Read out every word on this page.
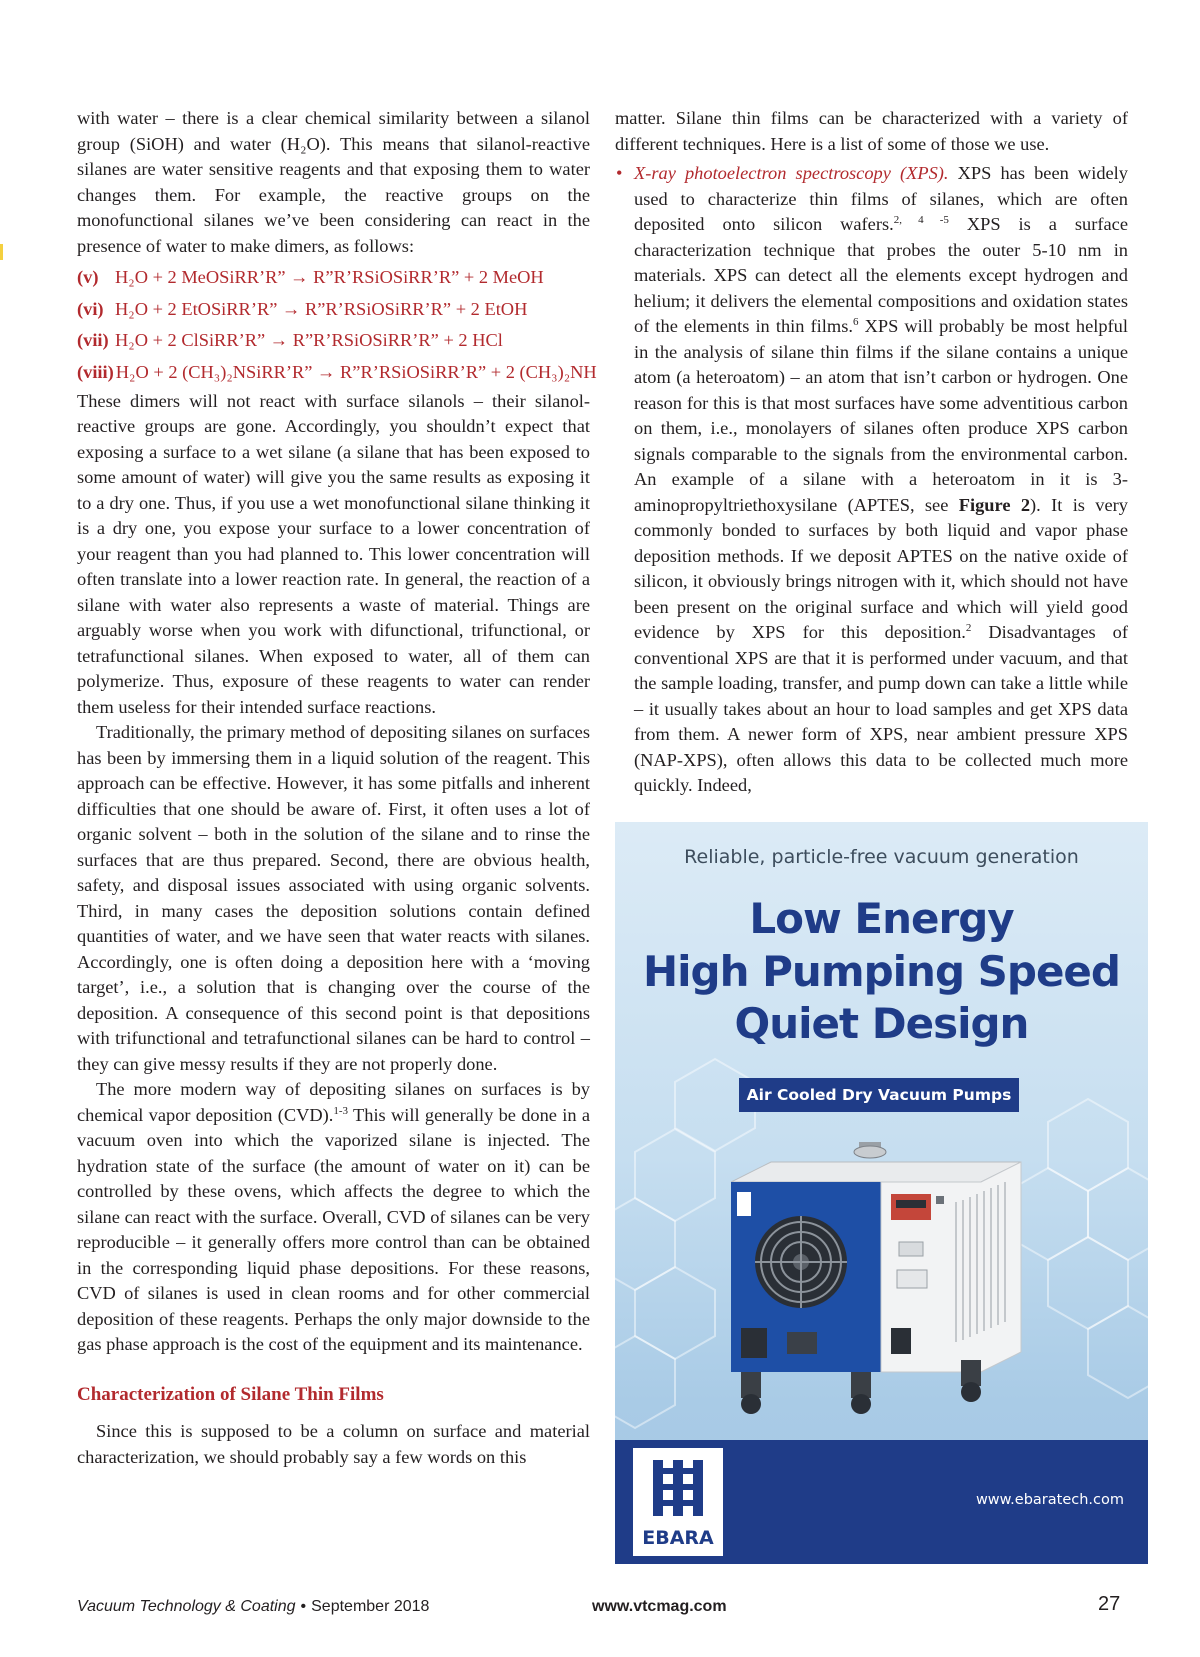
with water – there is a clear chemical similarity between a silanol group (SiOH) and water (H₂O). This means that silanol-reactive silanes are water sensitive reagents and that exposing them to water changes them. For example, the reactive groups on the monofunctional silanes we’ve been considering can react in the presence of water to make dimers, as follows:

(v) H₂O + 2 MeOSiRR’R” → R”R’RSiOSiRR’R” + 2 MeOH
(vi) H₂O + 2 EtOSiRR’R” → R”R’RSiOSiRR’R” + 2 EtOH
(vii) H₂O + 2 ClSiRR’R” → R”R’RSiOSiRR’R” + 2 HCl
(viii) H₂O + 2 (CH₃)₂NSiRR’R” → R”R’RSiOSiRR’R” + 2 (CH₃)₂NH

These dimers will not react with surface silanols – their silanol-reactive groups are gone. Accordingly, you shouldn’t expect that exposing a surface to a wet silane (a silane that has been exposed to some amount of water) will give you the same results as exposing it to a dry one. Thus, if you use a wet monofunctional silane thinking it is a dry one, you expose your surface to a lower concentration of your reagent than you had planned to. This lower concentration will often translate into a lower reaction rate. In general, the reaction of a silane with water also represents a waste of material. Things are arguably worse when you work with difunctional, trifunctional, or tetrafunctional silanes. When exposed to water, all of them can polymerize. Thus, exposure of these reagents to water can render them useless for their intended surface reactions.

Traditionally, the primary method of depositing silanes on surfaces has been by immersing them in a liquid solution of the reagent. This approach can be effective. However, it has some pitfalls and inherent difficulties that one should be aware of. First, it often uses a lot of organic solvent – both in the solution of the silane and to rinse the surfaces that are thus prepared. Second, there are obvious health, safety, and disposal issues associated with using organic solvents. Third, in many cases the deposition solutions contain defined quantities of water, and we have seen that water reacts with silanes. Accordingly, one is often doing a deposition here with a ‘moving target’, i.e., a solution that is changing over the course of the deposition. A consequence of this second point is that depositions with trifunctional and tetrafunctional silanes can be hard to control – they can give messy results if they are not properly done.

The more modern way of depositing silanes on surfaces is by chemical vapor deposition (CVD).$^{1-3}$ This will generally be done in a vacuum oven into which the vaporized silane is injected. The hydration state of the surface (the amount of water on it) can be controlled by these ovens, which affects the degree to which the silane can react with the surface. Overall, CVD of silanes can be very reproducible – it generally offers more control than can be obtained in the corresponding liquid phase depositions. For these reasons, CVD of silanes is used in clean rooms and for other commercial deposition of these reagents. Perhaps the only major downside to the gas phase approach is the cost of the equipment and its maintenance.

Characterization of Silane Thin Films

Since this is supposed to be a column on surface and material characterization, we should probably say a few words on this

matter. Silane thin films can be characterized with a variety of different techniques. Here is a list of some of those we use.

• X-ray photoelectron spectroscopy (XPS). XPS has been widely used to characterize thin films of silanes, which are often deposited onto silicon wafers.$^{2, 4 -5}$ XPS is a surface characterization technique that probes the outer 5-10 nm in materials. XPS can detect all the elements except hydrogen and helium; it delivers the elemental compositions and oxidation states of the elements in thin films.$^6$ XPS will probably be most helpful in the analysis of silane thin films if the silane contains a unique atom (a heteroatom) – an atom that isn’t carbon or hydrogen. One reason for this is that most surfaces have some adventitious carbon on them, i.e., monolayers of silanes often produce XPS carbon signals comparable to the signals from the environmental carbon. An example of a silane with a heteroatom in it is 3-aminopropyltriethoxysilane (APTES, see Figure 2). It is very commonly bonded to surfaces by both liquid and vapor phase deposition methods. If we deposit APTES on the native oxide of silicon, it obviously brings nitrogen with it, which should not have been present on the original surface and which will yield good evidence by XPS for this deposition.$^2$ Disadvantages of conventional XPS are that it is performed under vacuum, and that the sample loading, transfer, and pump down can take a little while – it usually takes about an hour to load samples and get XPS data from them. A newer form of XPS, near ambient pressure XPS (NAP-XPS), often allows this data to be collected much more quickly. Indeed,
Reliable, particle-free vacuum generation
Low Energy
High Pumping Speed
Quiet Design
Air Cooled Dry Vacuum Pumps
EBARA
www.ebaratech.com
Vacuum Technology & Coating • September 2018	www.vtcmag.com	27
